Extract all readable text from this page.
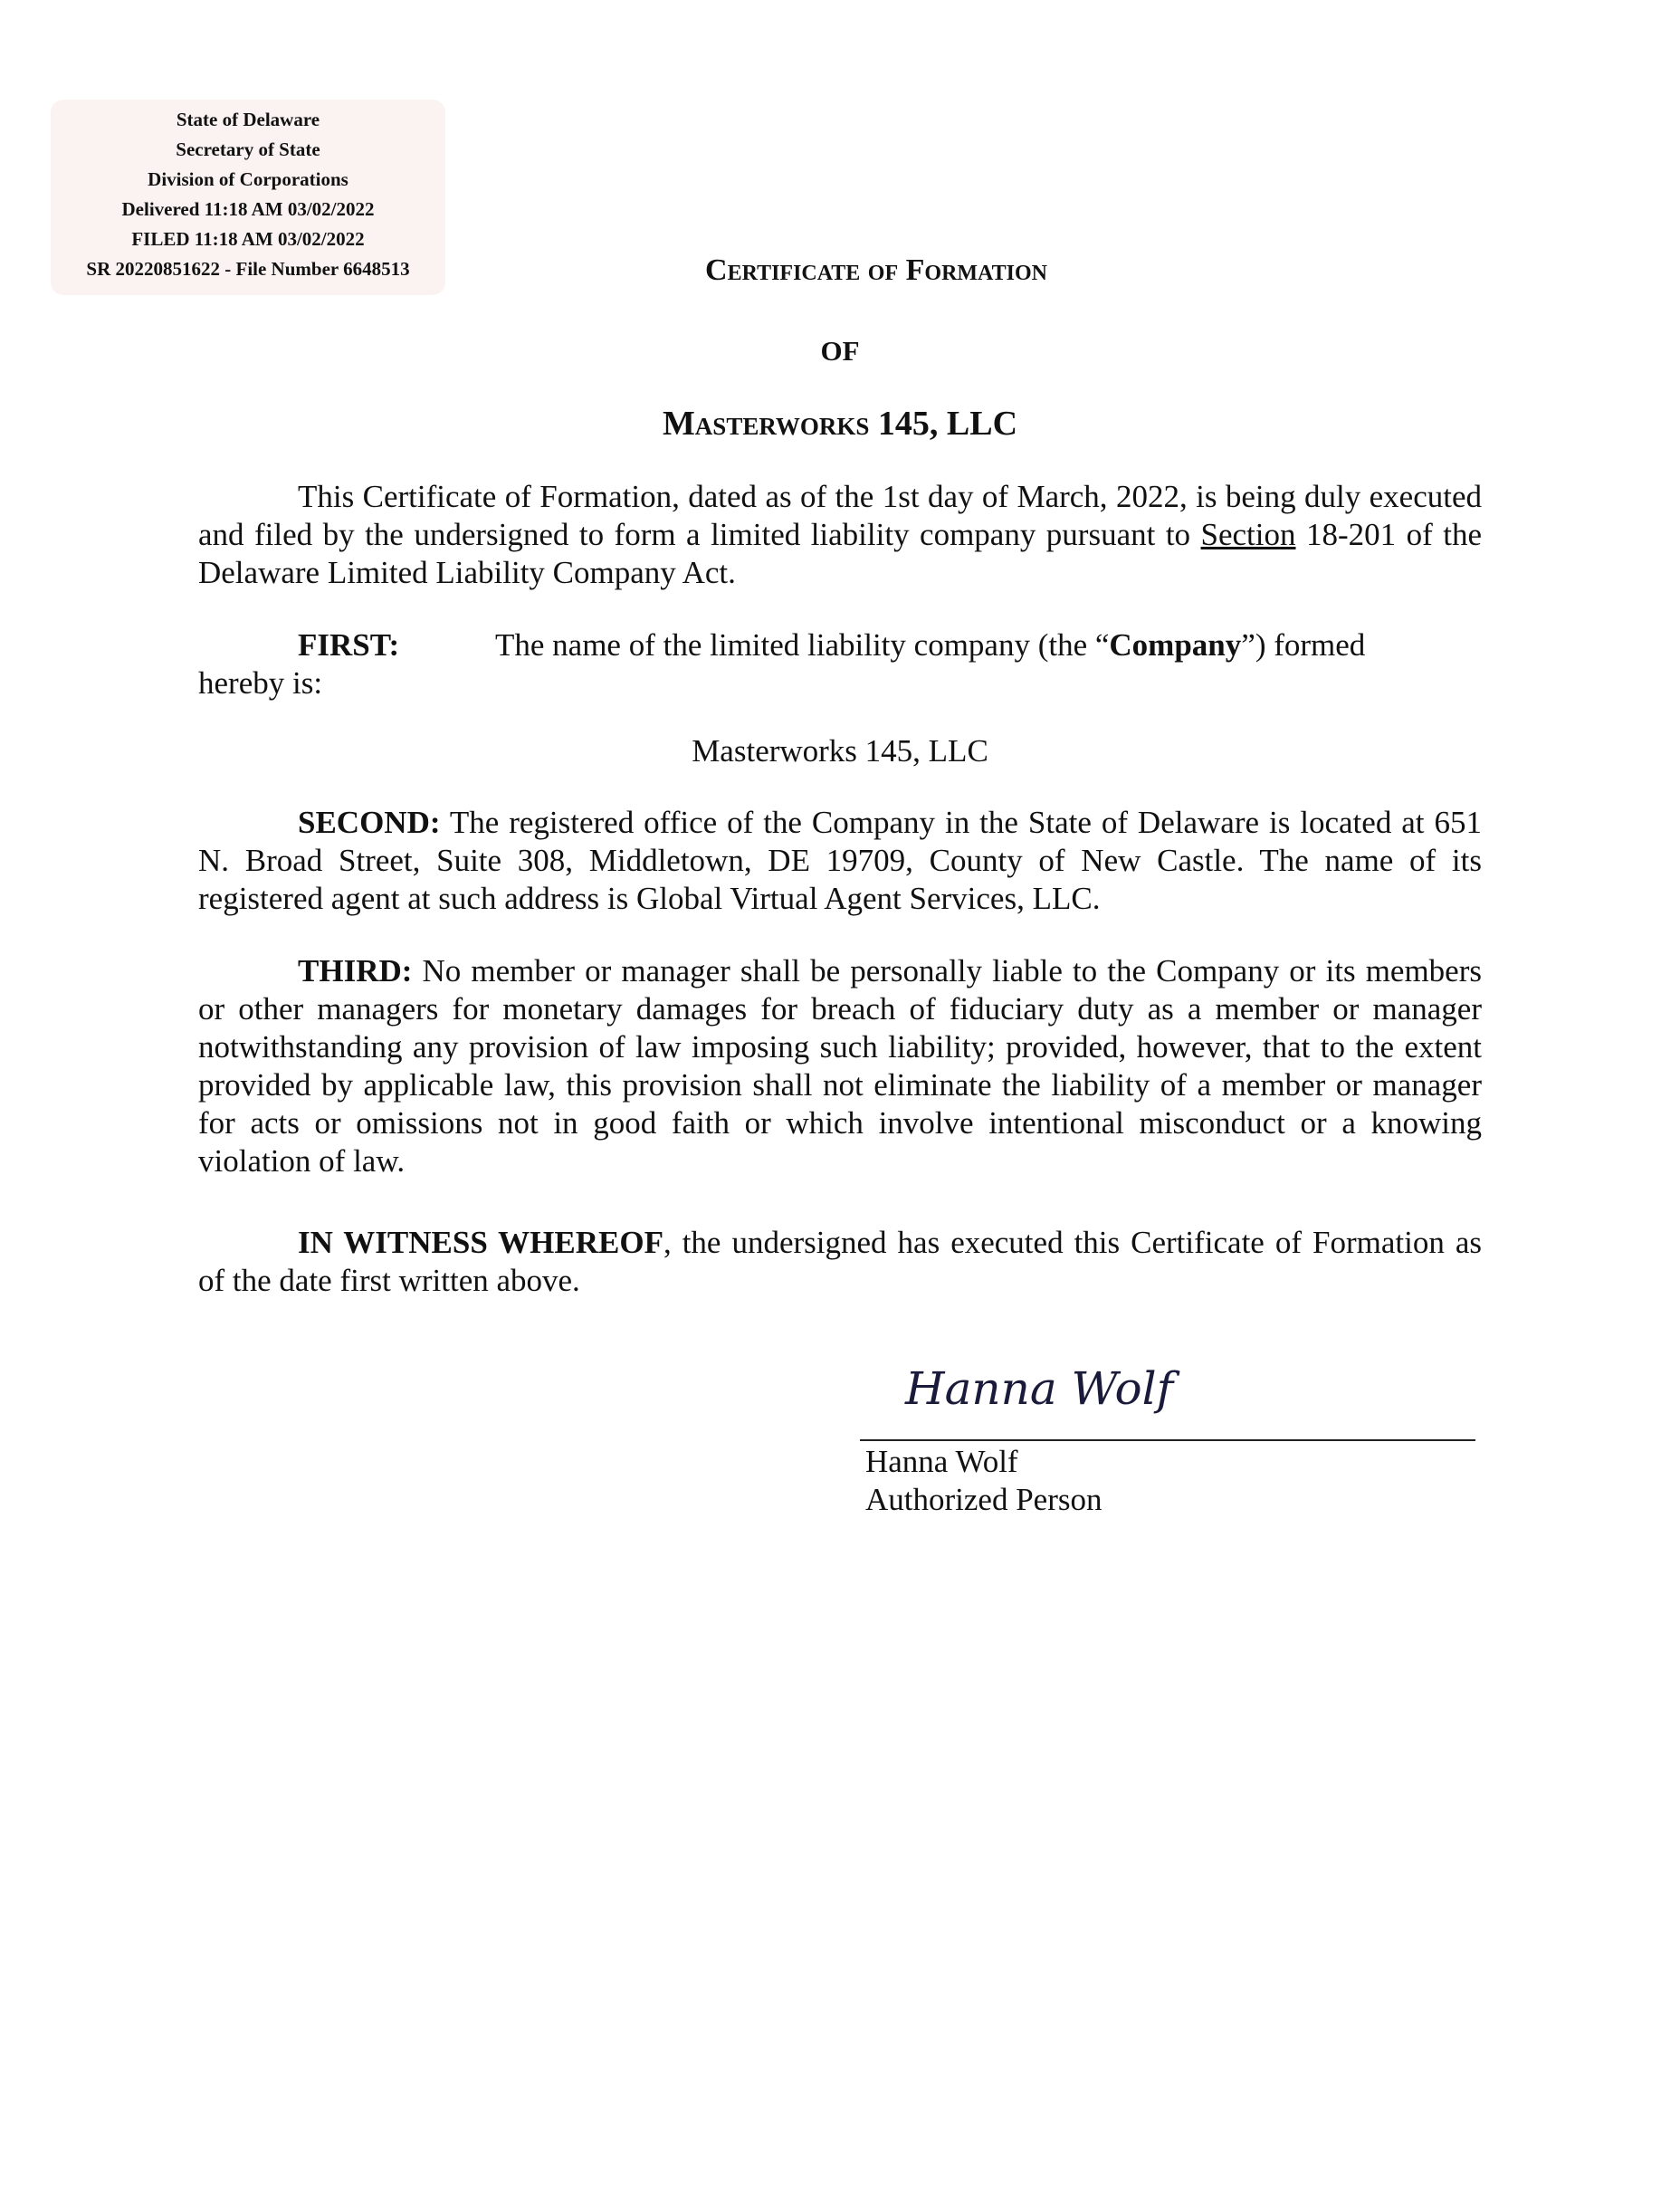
State of Delaware
Secretary of State
Division of Corporations
Delivered 11:18 AM 03/02/2022
FILED 11:18 AM 03/02/2022
SR 20220851622 - File Number 6648513	Certificate of Formation
OF
Masterworks 145, LLC
This Certificate of Formation, dated as of the 1st day of March, 2022, is being duly executed and filed by the undersigned to form a limited liability company pursuant to Section 18-201 of the Delaware Limited Liability Company Act.
FIRST:	The name of the limited liability company (the “Company”) formed
hereby is:
Masterworks 145, LLC
SECOND: The registered office of the Company in the State of Delaware is located at 651 N. Broad Street, Suite 308, Middletown, DE 19709, County of New Castle. The name of its registered agent at such address is Global Virtual Agent Services, LLC.
THIRD: No member or manager shall be personally liable to the Company or its members or other managers for monetary damages for breach of fiduciary duty as a member or manager notwithstanding any provision of law imposing such liability; provided, however, that to the extent provided by applicable law, this provision shall not eliminate the liability of a member or manager for acts or omissions not in good faith or which involve intentional misconduct or a knowing violation of law.
IN WITNESS WHEREOF, the undersigned has executed this Certificate of Formation as of the date first written above.
Hanna Wolf
Hanna Wolf
Authorized Person
